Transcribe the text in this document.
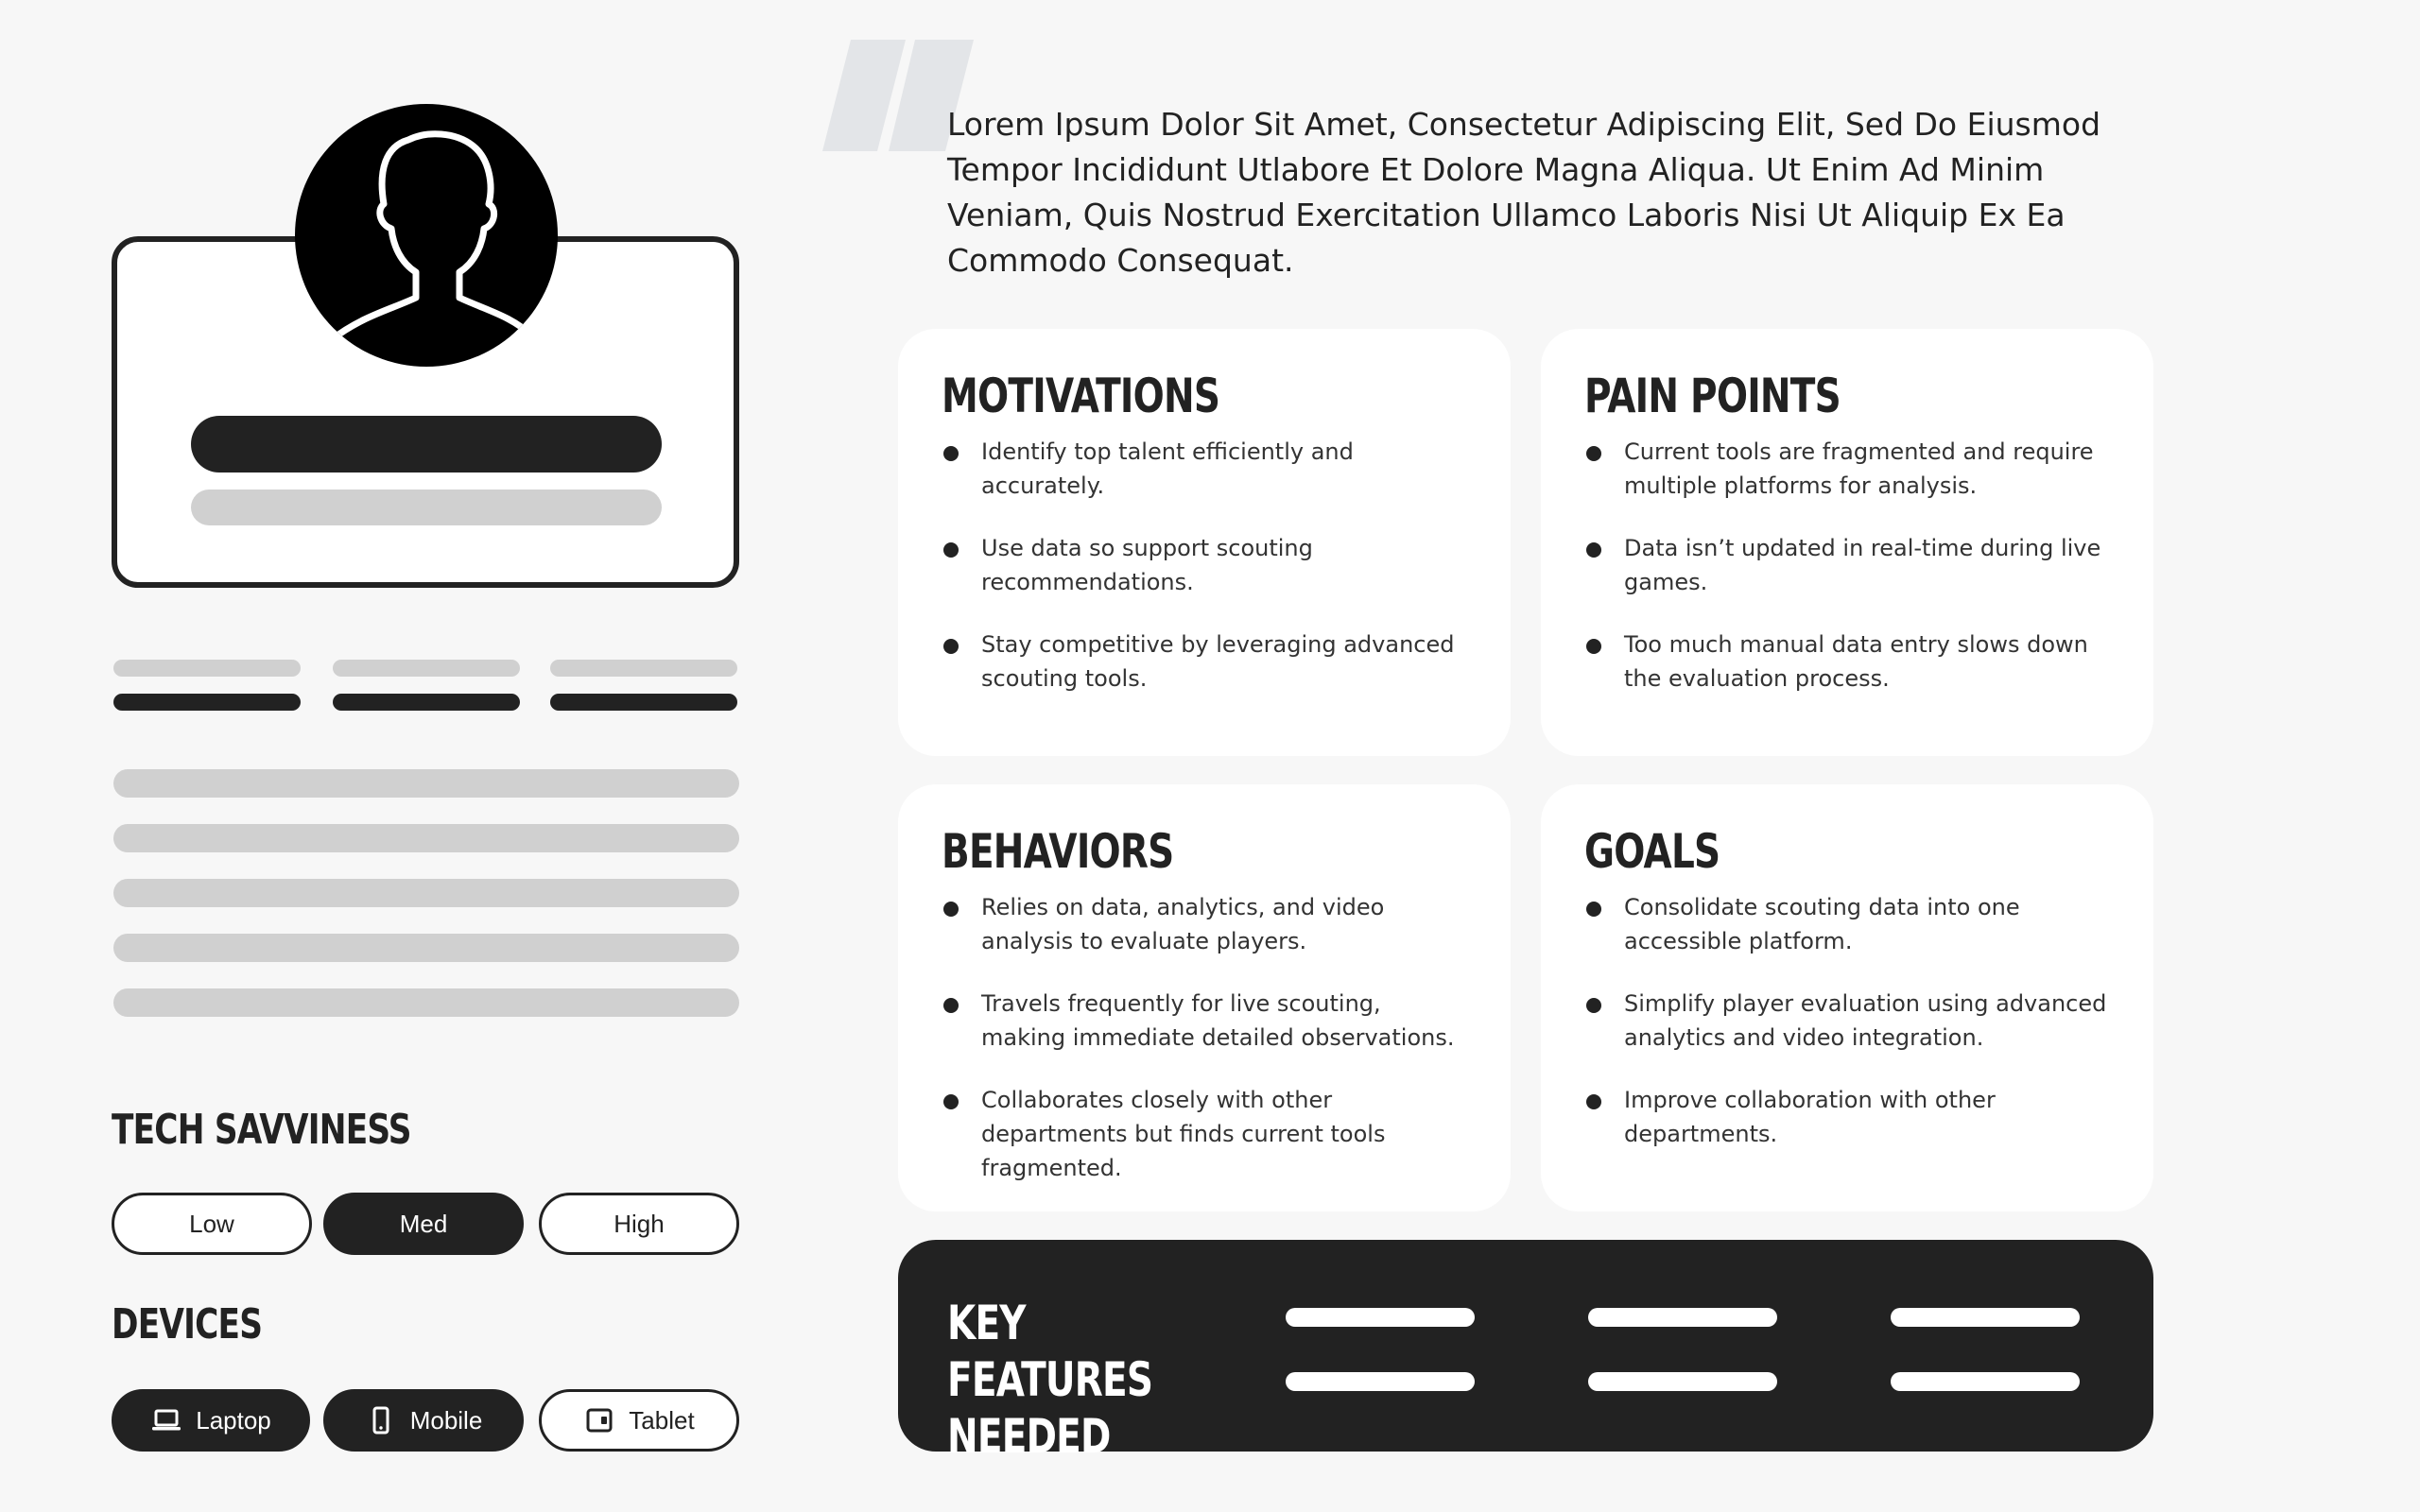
TECH SAVVINESS
Low	Med	High
DEVICES
Laptop	Mobile	Tablet
Lorem Ipsum Dolor Sit Amet, Consectetur Adipiscing Elit, Sed Do Eiusmod Tempor Incididunt Utlabore Et Dolore Magna Aliqua. Ut Enim Ad Minim Veniam, Quis Nostrud Exercitation Ullamco Laboris Nisi Ut Aliquip Ex Ea Commodo Consequat.
MOTIVATIONS
Identify top talent efficiently and accurately.
Use data so support scouting recommendations.
Stay competitive by leveraging advanced scouting tools.
PAIN POINTS
Current tools are fragmented and require multiple platforms for analysis.
Data isn’t updated in real-time during live games.
Too much manual data entry slows down the evaluation process.
BEHAVIORS
Relies on data, analytics, and video analysis to evaluate players.
Travels frequently for live scouting, making immediate detailed observations.
Collaborates closely with other departments but finds current tools fragmented.
GOALS
Consolidate scouting data into one accessible platform.
Simplify player evaluation using advanced analytics and video integration.
Improve collaboration with other departments.
KEY FEATURES NEEDED
